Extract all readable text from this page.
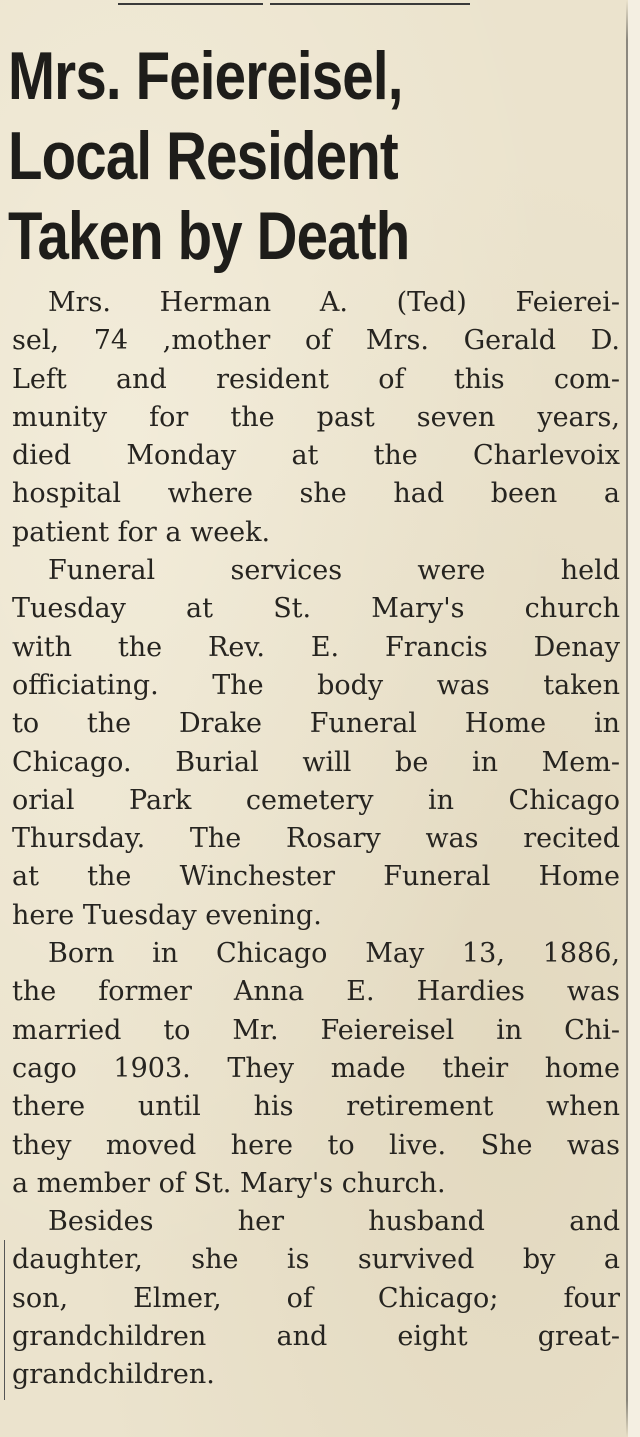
Mrs. Feiereisel,
Local Resident
Taken by Death
Mrs. Herman A. (Ted) Feierei-
sel, 74 ,mother of Mrs. Gerald D.
Left and resident of this com-
munity for the past seven years,
died Monday at the Charlevoix
hospital where she had been a
patient for a week.
Funeral services were held
Tuesday at St. Mary's church
with the Rev. E. Francis Denay
officiating. The body was taken
to the Drake Funeral Home in
Chicago. Burial will be in Mem-
orial Park cemetery in Chicago
Thursday. The Rosary was recited
at the Winchester Funeral Home
here Tuesday evening.
Born in Chicago May 13, 1886,
the former Anna E. Hardies was
married to Mr. Feiereisel in Chi-
cago 1903. They made their home
there until his retirement when
they moved here to live. She was
a member of St. Mary's church.
Besides her husband and
daughter, she is survived by a
son, Elmer, of Chicago; four
grandchildren and eight great-
grandchildren.
